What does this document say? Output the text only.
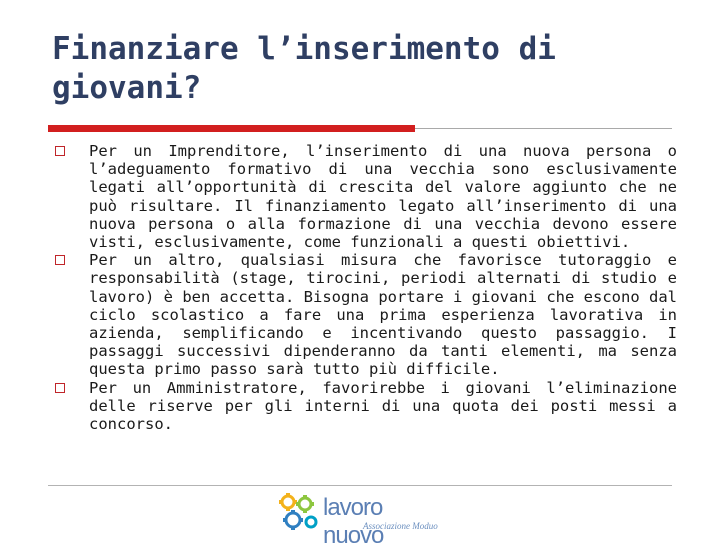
Finanziare l’inserimento di giovani?
Per un Imprenditore, l’inserimento di una nuova persona o l’adeguamento formativo di una vecchia sono esclusivamente legati all’opportunità di crescita del valore aggiunto che ne può risultare. Il finanziamento legato all’inserimento di una nuova persona o alla formazione di una vecchia devono essere visti, esclusivamente, come funzionali a questi obiettivi.
Per un altro, qualsiasi misura che favorisce tutoraggio e responsabilità (stage, tirocini, periodi alternati di studio e lavoro) è ben accetta. Bisogna portare i giovani che escono dal ciclo scolastico a fare una prima esperienza lavorativa in azienda, semplificando e incentivando questo passaggio. I passaggi successivi dipenderanno da tanti elementi, ma senza questa primo passo sarà tutto più difficile.
Per un Amministratore, favorirebbe i giovani l’eliminazione delle riserve per gli interni di una quota dei posti messi a concorso.
lavoro nuovo
Associazione Moduo
